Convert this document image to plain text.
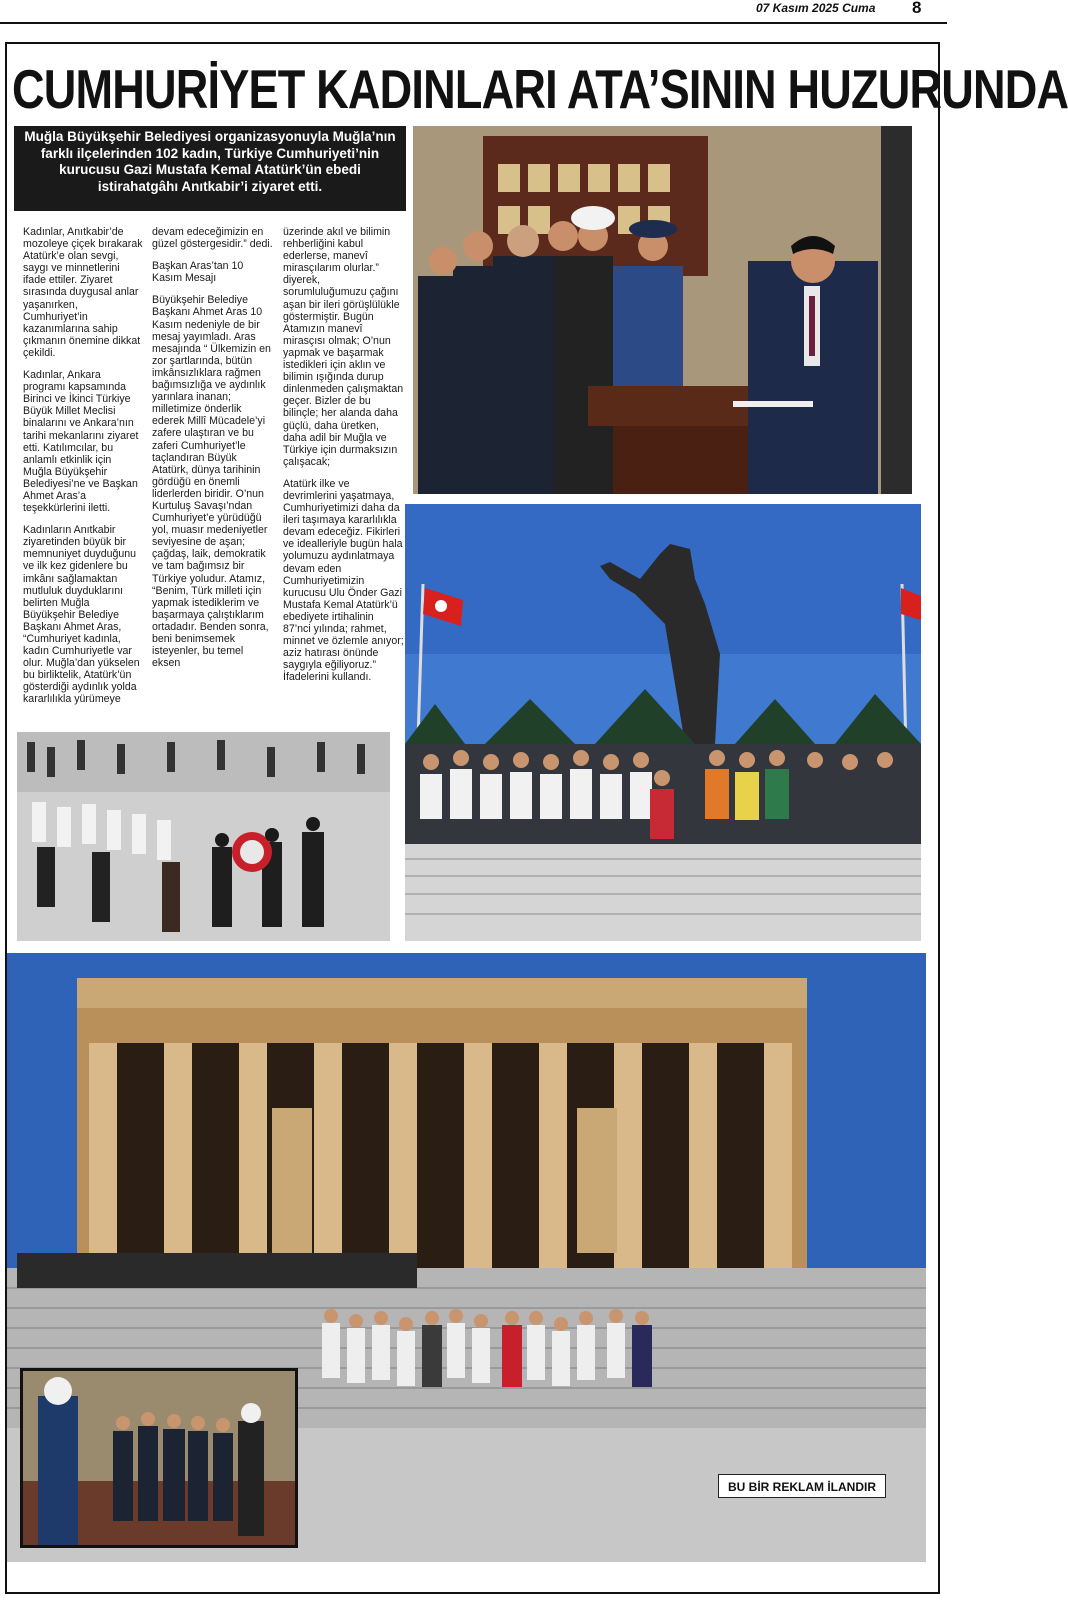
07 Kasım 2025 Cuma 8
CUMHURİYET KADINLARI ATA’SININ HUZURUNDA
Muğla Büyükşehir Belediyesi organizasyonuyla Muğla’nın farklı ilçelerinden 102 kadın, Türkiye Cumhuriyeti’nin kurucusu Gazi Mustafa Kemal Atatürk’ün ebedi istirahatgâhı Anıtkabir’i ziyaret etti.

Kadınlar, Anıtkabir’de mozoleye çiçek bırakarak Atatürk’e olan sevgi, saygı ve minnetlerini ifade ettiler. Ziyaret sırasında duygusal anlar yaşanırken, Cumhuriyet’in kazanımlarına sahip çıkmanın önemine dikkat çekildi.

Kadınlar, Ankara programı kapsamında Birinci ve İkinci Türkiye Büyük Millet Meclisi binalarını ve Ankara’nın tarihi mekanlarını ziyaret etti. Katılımcılar, bu anlamlı etkinlik için Muğla Büyükşehir Belediyesi’ne ve Başkan Ahmet Aras’a teşekkürlerini iletti.

Kadınların Anıtkabir ziyaretinden büyük bir memnuniyet duyduğunu ve ilk kez gidenlere bu imkânı sağlamaktan mutluluk duyduklarını belirten Muğla Büyükşehir Belediye Başkanı Ahmet Aras, “Cumhuriyet kadınla, kadın Cumhuriyetle var olur. Muğla’dan yükselen bu birliktelik, Atatürk’ün gösterdiği aydınlık yolda kararlılıkla yürümeye

devam edeceğimizin en güzel göstergesidir.” dedi.

Başkan Aras’tan 10 Kasım Mesajı

Büyükşehir Belediye Başkanı Ahmet Aras 10 Kasım nedeniyle de bir mesaj yayımladı. Aras mesajında “ Ülkemizin en zor şartlarında, bütün imkânsızlıklara rağmen bağımsızlığa ve aydınlık yarınlara inanan; milletimize önderlik ederek Millî Mücadele’yi zafere ulaştıran ve bu zaferi Cumhuriyet’le taçlandıran Büyük Atatürk, dünya tarihinin gördüğü en önemli liderlerden biridir. O’nun Kurtuluş Savaşı’ndan Cumhuriyet’e yürüdüğü yol, muasır medeniyetler seviyesine de aşan; çağdaş, laik, demokratik ve tam bağımsız bir Türkiye yoludur. Atamız, “Benim, Türk milleti için yapmak istediklerim ve başarmaya çalıştıklarım ortadadır. Benden sonra, beni benimsemek isteyenler, bu temel eksen

üzerinde akıl ve bilimin rehberliğini kabul ederlerse, manevî mirasçılarım olurlar.” diyerek, sorumluluğumuzu çağını aşan bir ileri görüşlülükle göstermiştir. Bugün Atamızın manevî mirasçısı olmak; O’nun yapmak ve başarmak istedikleri için aklın ve bilimin ışığında durup dinlenmeden çalışmaktan geçer. Bizler de bu bilinçle; her alanda daha güçlü, daha üretken, daha adil bir Muğla ve Türkiye için durmaksızın çalışacak;

Atatürk ilke ve devrimlerini yaşatmaya, Cumhuriyetimizi daha da ileri taşımaya kararlılıkla devam edeceğiz. Fikirleri ve idealleriyle bugün hala yolumuzu aydınlatmaya devam eden Cumhuriyetimizin kurucusu Ulu Önder Gazi Mustafa Kemal Atatürk’ü ebediyete irtihalinin 87’nci yılında; rahmet, minnet ve özlemle anıyor; aziz hatırası önünde saygıyla eğiliyoruz.” İfadelerini kullandı.

BU BİR REKLAM İLANDIR
